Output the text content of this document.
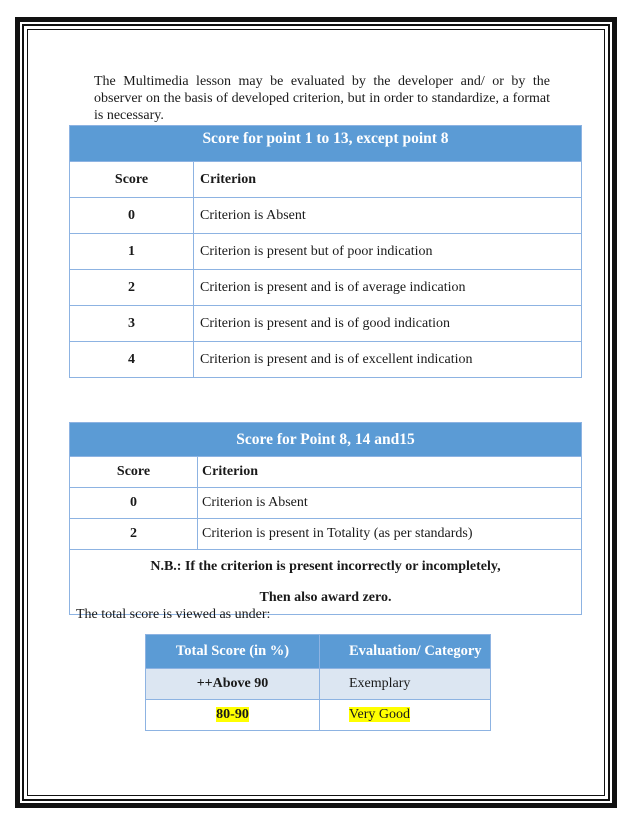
The Multimedia lesson may be evaluated by the developer and/ or by the observer on the basis of developed criterion, but in order to standardize, a format is necessary.

Score for point 1 to 13, except point 8	
Score	Criterion
0	Criterion is Absent
1	Criterion is present but of poor indication
2	Criterion is present and is of average indication
3	Criterion is present and is of good indication
4	Criterion is present and is of excellent indication
Score for Point 8, 14 and15	
Score	Criterion
0	Criterion is Absent
2	Criterion is present in Totality (as per standards)

N.B.: If the criterion is present incorrectly or incompletely,
Then also award zero.	

The total score is viewed as under:

Total Score (in %)	Evaluation/ Category
++Above 90	Exemplary
80-90	Very Good
